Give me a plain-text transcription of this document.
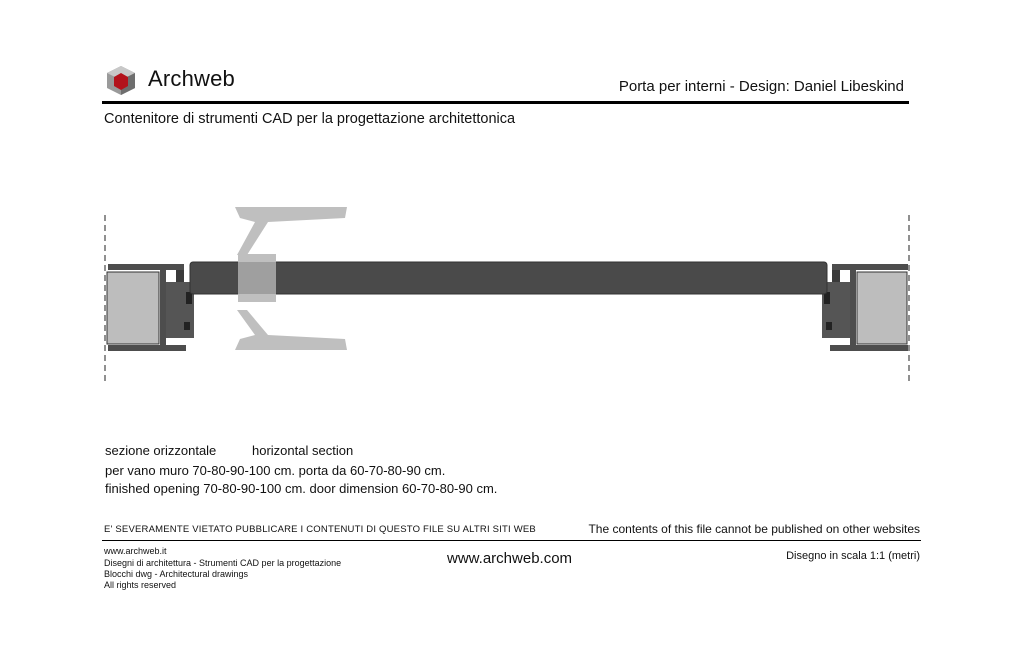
Archweb	Porta per interni - Design: Daniel Libeskind
Contenitore di strumenti CAD per la progettazione architettonica
sezione orizzontale	horizontal section
per vano muro 70-80-90-100 cm. porta da 60-70-80-90 cm.
finished opening 70-80-90-100 cm. door dimension 60-70-80-90 cm.
E' SEVERAMENTE VIETATO PUBBLICARE I CONTENUTI DI QUESTO FILE SU ALTRI SITI WEB	The contents of this file cannot be published on other websites
www.archweb.it
Disegni di architettura - Strumenti CAD per la progettazione
Blocchi dwg - Architectural drawings
All rights reserved
www.archweb.com	Disegno in scala 1:1 (metri)
